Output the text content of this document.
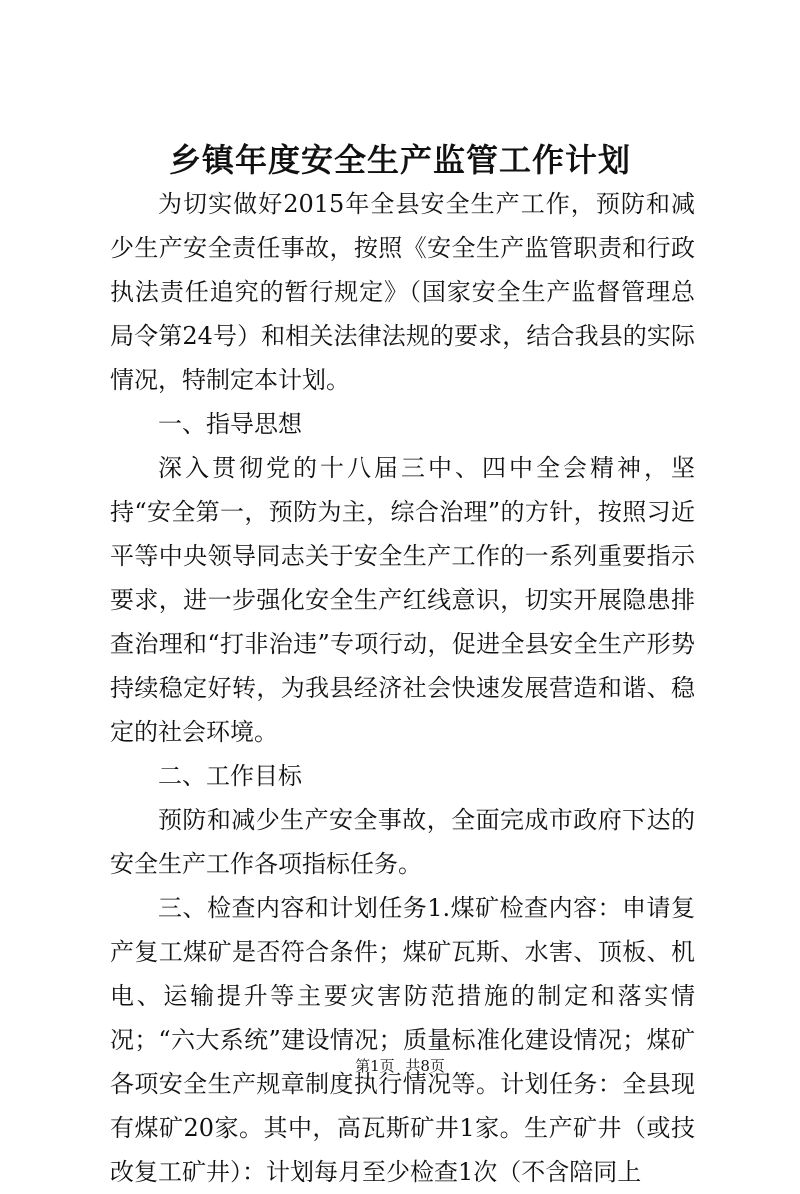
乡镇年度安全生产监管工作计划

为切实做好2015年全县安全生产工作，预防和减少生产安全责任事故，按照《安全生产监管职责和行政执法责任追究的暂行规定》（国家安全生产监督管理总局令第24号）和相关法律法规的要求，结合我县的实际情况，特制定本计划。

一、指导思想

深入贯彻党的十八届三中、四中全会精神，坚持“安全第一，预防为主，综合治理”的方针，按照习近平等中央领导同志关于安全生产工作的一系列重要指示要求，进一步强化安全生产红线意识，切实开展隐患排查治理和“打非治违”专项行动，促进全县安全生产形势持续稳定好转，为我县经济社会快速发展营造和谐、稳定的社会环境。

二、工作目标

预防和减少生产安全事故，全面完成市政府下达的安全生产工作各项指标任务。

三、检查内容和计划任务1.煤矿检查内容：申请复产复工煤矿是否符合条件；煤矿瓦斯、水害、顶板、机电、运输提升等主要灾害防范措施的制定和落实情况；“六大系统”建设情况；质量标准化建设情况；煤矿各项安全生产规章制度执行情况等。计划任务：全县现有煤矿20家。其中，高瓦斯矿井1家。生产矿井（或技改复工矿井）：计划每月至少检查1次（不含陪同上

第1页 共8页
